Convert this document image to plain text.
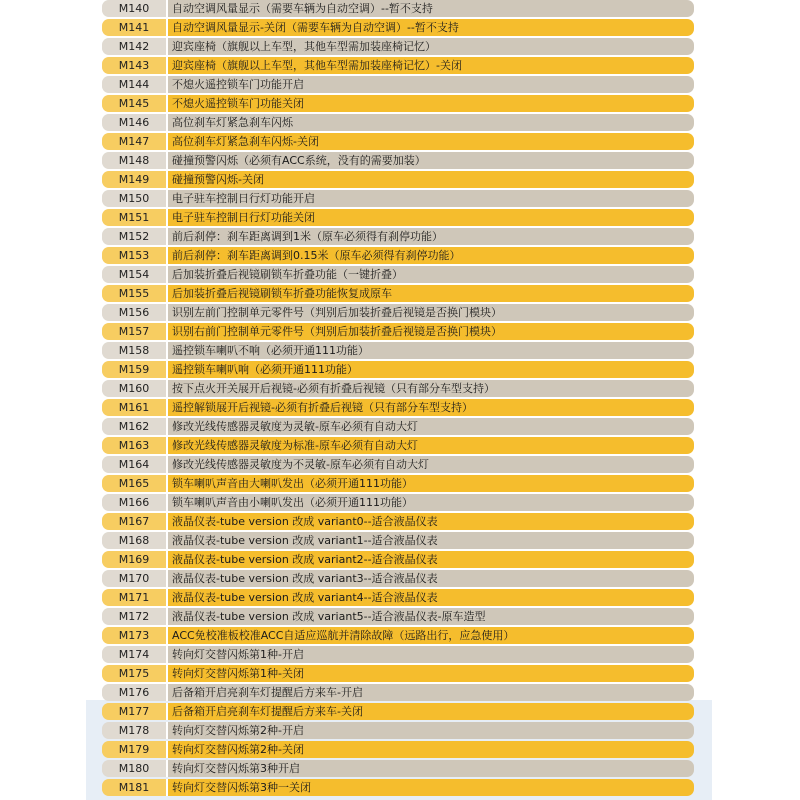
M140	自动空调风量显示（需要车辆为自动空调）--暂不支持
M141	自动空调风量显示-关闭（需要车辆为自动空调）--暂不支持
M142	迎宾座椅（旗舰以上车型，其他车型需加装座椅记忆）
M143	迎宾座椅（旗舰以上车型，其他车型需加装座椅记忆）-关闭
M144	不熄火遥控锁车门功能开启
M145	不熄火遥控锁车门功能关闭
M146	高位刹车灯紧急刹车闪烁
M147	高位刹车灯紧急刹车闪烁-关闭
M148	碰撞预警闪烁（必须有ACC系统，没有的需要加装）
M149	碰撞预警闪烁-关闭
M150	电子驻车控制日行灯功能开启
M151	电子驻车控制日行灯功能关闭
M152	前后刹停：刹车距离调到1米（原车必须得有刹停功能）
M153	前后刹停：刹车距离调到0.15米（原车必须得有刹停功能）
M154	后加装折叠后视镜刷锁车折叠功能（一键折叠）
M155	后加装折叠后视镜刷锁车折叠功能恢复成原车
M156	识别左前门控制单元零件号（判别后加装折叠后视镜是否换门模块）
M157	识别右前门控制单元零件号（判别后加装折叠后视镜是否换门模块）
M158	遥控锁车喇叭不响（必须开通111功能）
M159	遥控锁车喇叭响（必须开通111功能）
M160	按下点火开关展开后视镜-必须有折叠后视镜（只有部分车型支持）
M161	遥控解锁展开后视镜-必须有折叠后视镜（只有部分车型支持）
M162	修改光线传感器灵敏度为灵敏-原车必须有自动大灯
M163	修改光线传感器灵敏度为标准-原车必须有自动大灯
M164	修改光线传感器灵敏度为不灵敏-原车必须有自动大灯
M165	锁车喇叭声音由大喇叭发出（必须开通111功能）
M166	锁车喇叭声音由小喇叭发出（必须开通111功能）
M167	液晶仪表-tube version 改成 variant0--适合液晶仪表
M168	液晶仪表-tube version 改成 variant1--适合液晶仪表
M169	液晶仪表-tube version 改成 variant2--适合液晶仪表
M170	液晶仪表-tube version 改成 variant3--适合液晶仪表
M171	液晶仪表-tube version 改成 variant4--适合液晶仪表
M172	液晶仪表-tube version 改成 variant5--适合液晶仪表-原车造型
M173	ACC免校准板校准ACC自适应巡航并清除故障（远路出行，应急使用）
M174	转向灯交替闪烁第1种-开启
M175	转向灯交替闪烁第1种-关闭
M176	后备箱开启亮刹车灯提醒后方来车-开启
M177	后备箱开启亮刹车灯提醒后方来车-关闭
M178	转向灯交替闪烁第2种-开启
M179	转向灯交替闪烁第2种-关闭
M180	转向灯交替闪烁第3种开启
M181	转向灯交替闪烁第3种一关闭
